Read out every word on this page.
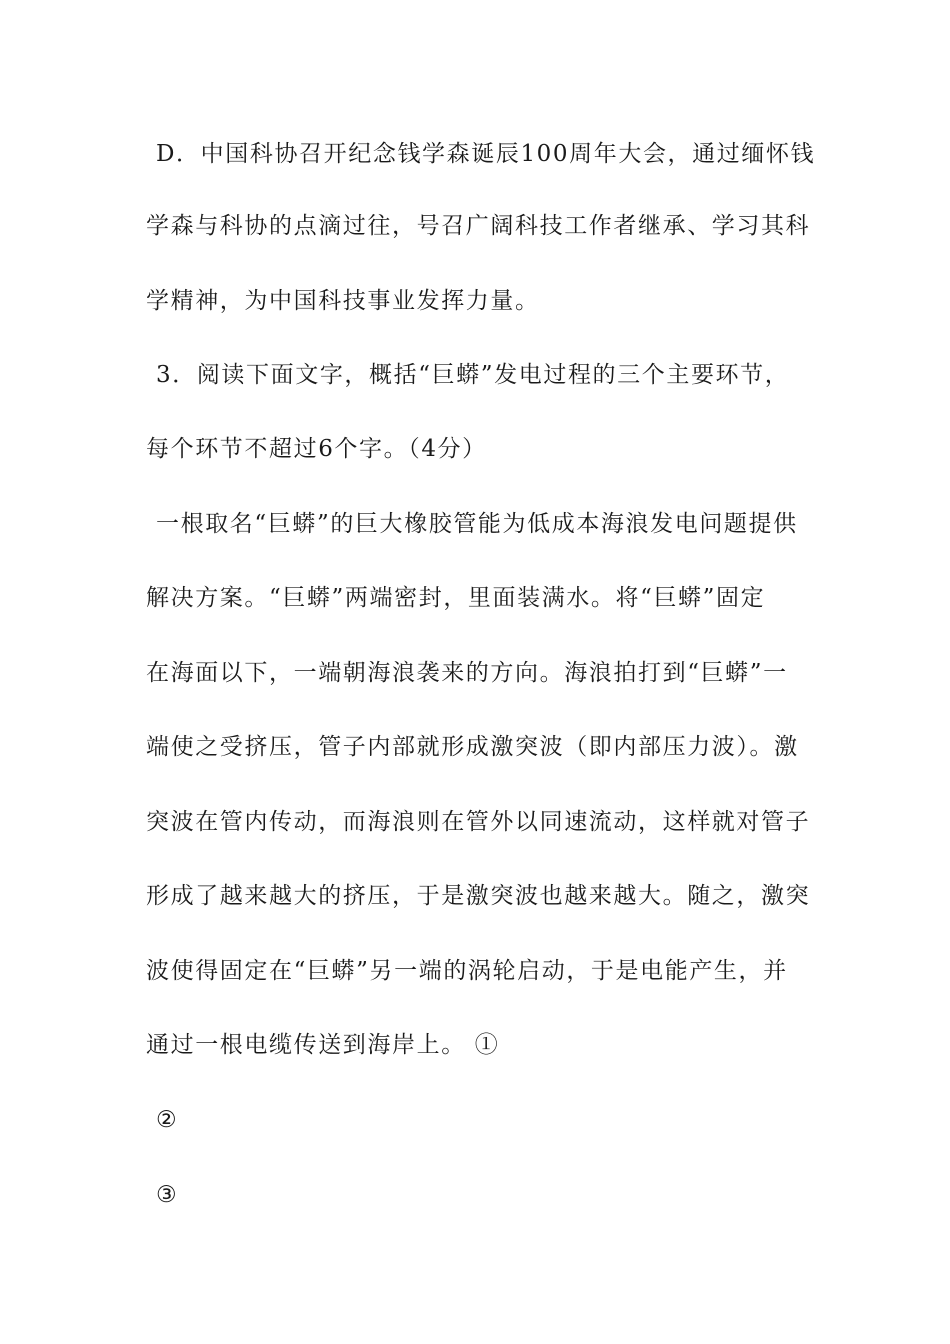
D．中国科协召开纪念钱学森诞辰100周年大会，通过缅怀钱
学森与科协的点滴过往，号召广阔科技工作者继承、学习其科
学精神，为中国科技事业发挥力量。
3．阅读下面文字，概括“巨蟒”发电过程的三个主要环节，
每个环节不超过6个字。（4分）
一根取名“巨蟒”的巨大橡胶管能为低成本海浪发电问题提供
解决方案。“巨蟒”两端密封，里面装满水。将“巨蟒”固定
在海面以下，一端朝海浪袭来的方向。海浪拍打到“巨蟒”一
端使之受挤压，管子内部就形成激突波（即内部压力波）。激
突波在管内传动，而海浪则在管外以同速流动，这样就对管子
形成了越来越大的挤压，于是激突波也越来越大。随之，激突
波使得固定在“巨蟒”另一端的涡轮启动，于是电能产生，并
通过一根电缆传送到海岸上。 ①
②
③
